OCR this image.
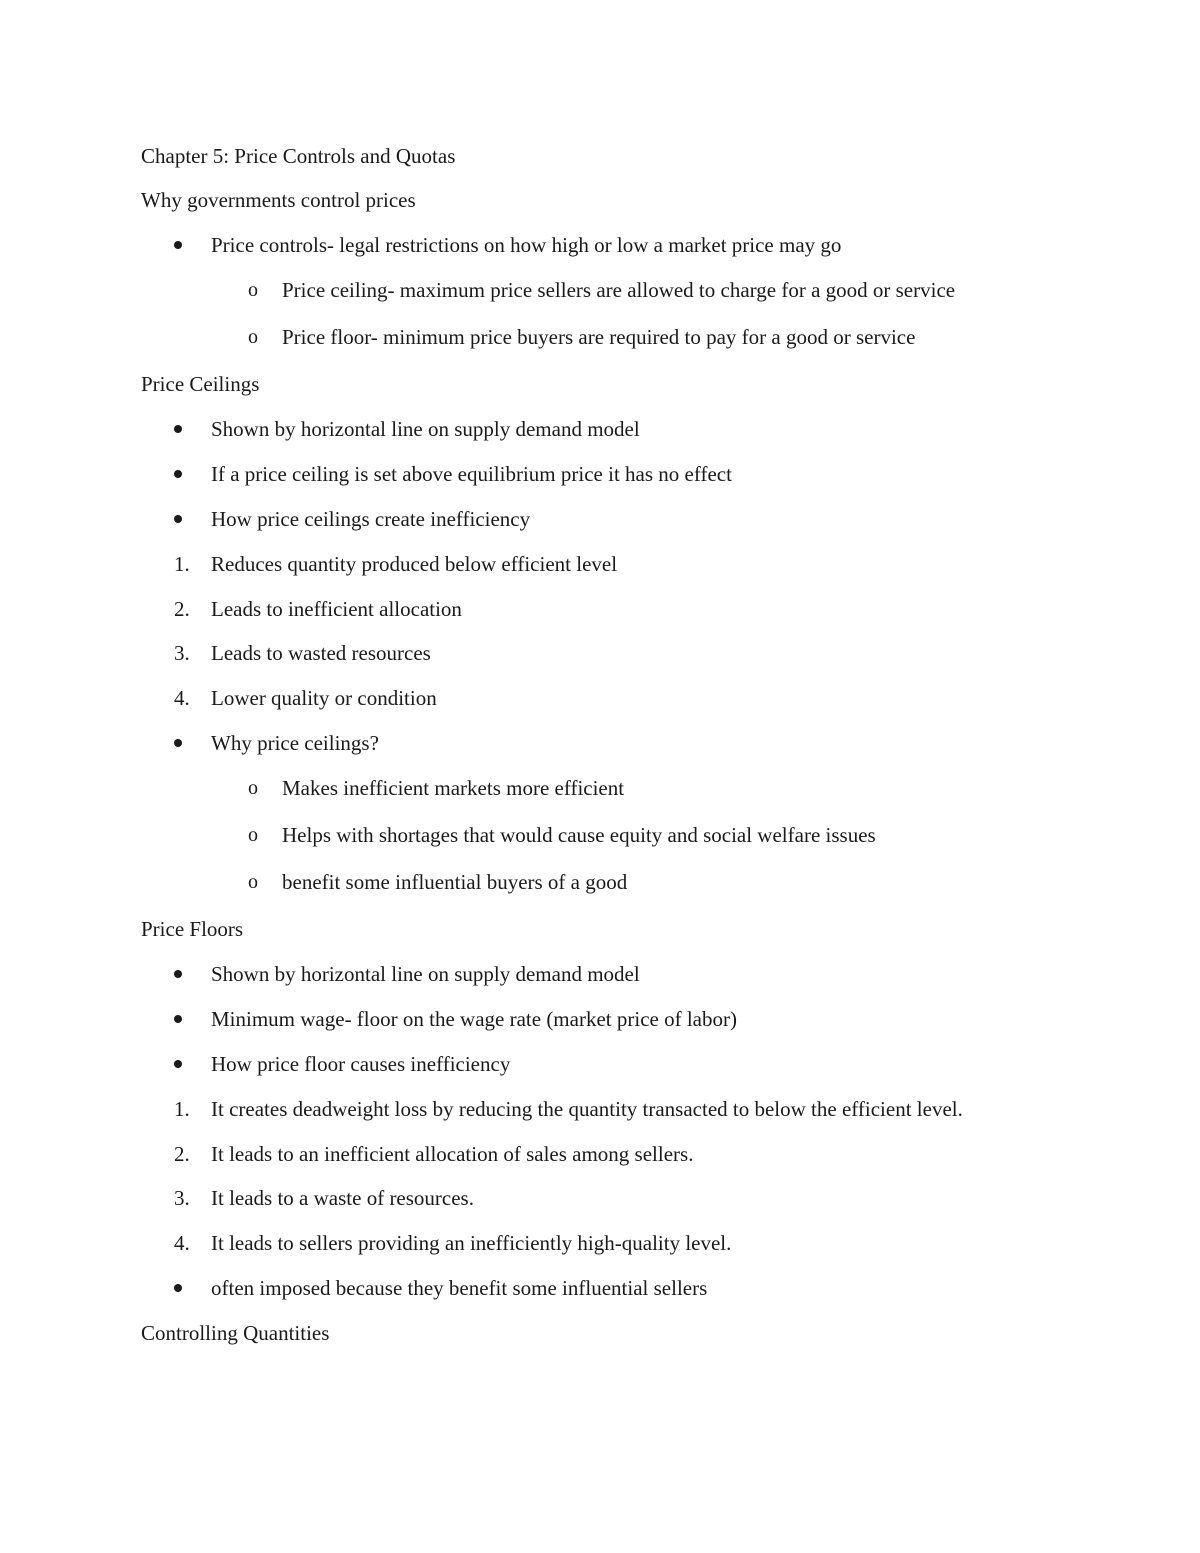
Chapter 5: Price Controls and Quotas
Why governments control prices
Price controls- legal restrictions on how high or low a market price may go
o Price ceiling- maximum price sellers are allowed to charge for a good or service
o Price floor- minimum price buyers are required to pay for a good or service
Price Ceilings
Shown by horizontal line on supply demand model
If a price ceiling is set above equilibrium price it has no effect
How price ceilings create inefficiency
1. Reduces quantity produced below efficient level
2. Leads to inefficient allocation
3. Leads to wasted resources
4. Lower quality or condition
Why price ceilings?
o Makes inefficient markets more efficient
o Helps with shortages that would cause equity and social welfare issues
o benefit some influential buyers of a good
Price Floors
Shown by horizontal line on supply demand model
Minimum wage- floor on the wage rate (market price of labor)
How price floor causes inefficiency
1. It creates deadweight loss by reducing the quantity transacted to below the efficient level.
2. It leads to an inefficient allocation of sales among sellers.
3. It leads to a waste of resources.
4. It leads to sellers providing an inefficiently high-quality level.
often imposed because they benefit some influential sellers
Controlling Quantities
